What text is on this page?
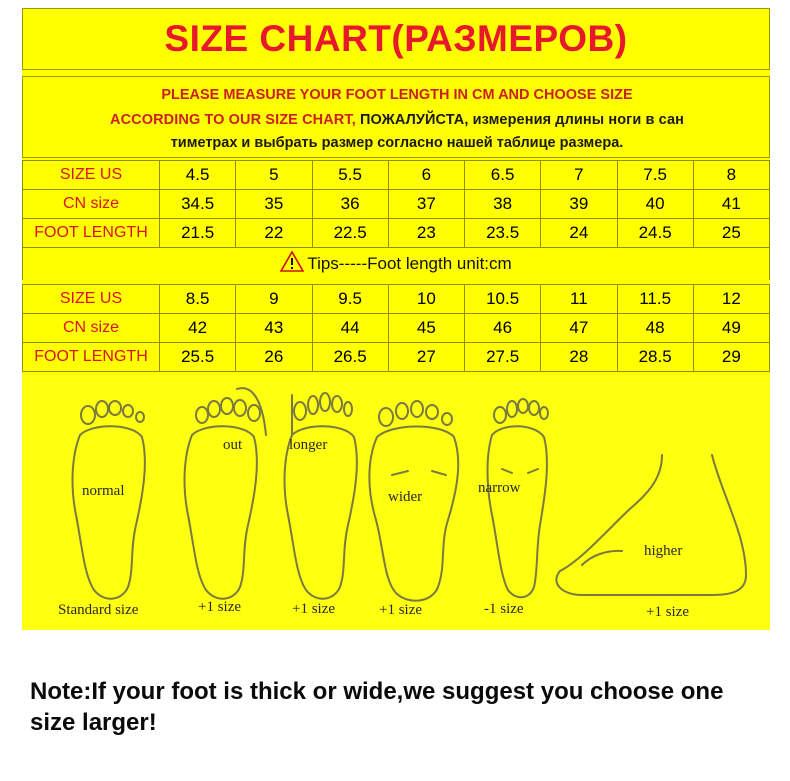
SIZE CHART(РАЗМЕРОВ)
PLEASE MEASURE YOUR FOOT LENGTH IN CM AND CHOOSE SIZE
ACCORDING TO OUR SIZE CHART, ПОЖАЛУЙСТА, измерения длины ноги в сан
тиметрах и выбрать размер согласно нашей таблице размера.
SIZE US	4.5	5	5.5	6	6.5	7	7.5	8
CN size	34.5	35	36	37	38	39	40	41
FOOT LENGTH	21.5	22	22.5	23	23.5	24	24.5	25
Tips-----Foot length unit:cm
SIZE US	8.5	9	9.5	10	10.5	11	11.5	12
CN size	42	43	44	45	46	47	48	49
FOOT LENGTH	25.5	26	26.5	27	27.5	28	28.5	29
normal
out	longer
wider
narrow
higher
Standard size	+1 size	+1 size	+1 size	-1 size	+1 size
Note:If your foot is thick or wide,we suggest you choose one size larger!
